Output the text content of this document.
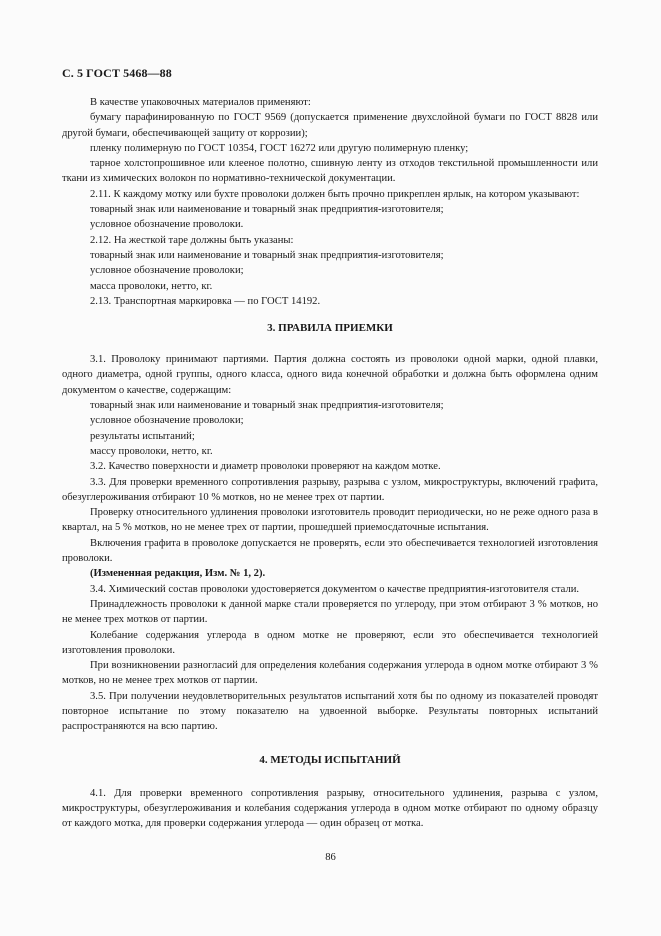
С. 5 ГОСТ 5468—88

В качестве упаковочных материалов применяют:

бумагу парафинированную по ГОСТ 9569 (допускается применение двухслойной бумаги по ГОСТ 8828 или другой бумаги, обеспечивающей защиту от коррозии);

пленку полимерную по ГОСТ 10354, ГОСТ 16272 или другую полимерную пленку;

тарное холстопрошивное или клееное полотно, сшивную ленту из отходов текстильной промышленности или ткани из химических волокон по нормативно-технической документации.

2.11. К каждому мотку или бухте проволоки должен быть прочно прикреплен ярлык, на котором указывают:

товарный знак или наименование и товарный знак предприятия-изготовителя;

условное обозначение проволоки.

2.12. На жесткой таре должны быть указаны:

товарный знак или наименование и товарный знак предприятия-изготовителя;

условное обозначение проволоки;

масса проволоки, нетто, кг.

2.13. Транспортная маркировка — по ГОСТ 14192.

3. ПРАВИЛА ПРИЕМКИ

3.1. Проволоку принимают партиями. Партия должна состоять из проволоки одной марки, одной плавки, одного диаметра, одной группы, одного класса, одного вида конечной обработки и должна быть оформлена одним документом о качестве, содержащим:

товарный знак или наименование и товарный знак предприятия-изготовителя;

условное обозначение проволоки;

результаты испытаний;

массу проволоки, нетто, кг.

3.2. Качество поверхности и диаметр проволоки проверяют на каждом мотке.

3.3. Для проверки временного сопротивления разрыву, разрыва с узлом, микроструктуры, включений графита, обезуглероживания отбирают 10 % мотков, но не менее трех от партии.

Проверку относительного удлинения проволоки изготовитель проводит периодически, но не реже одного раза в квартал, на 5 % мотков, но не менее трех от партии, прошедшей приемосдаточные испытания.

Включения графита в проволоке допускается не проверять, если это обеспечивается технологией изготовления проволоки.

(Измененная редакция, Изм. № 1, 2).

3.4. Химический состав проволоки удостоверяется документом о качестве предприятия-изготовителя стали.

Принадлежность проволоки к данной марке стали проверяется по углероду, при этом отбирают 3 % мотков, но не менее трех мотков от партии.

Колебание содержания углерода в одном мотке не проверяют, если это обеспечивается технологией изготовления проволоки.

При возникновении разногласий для определения колебания содержания углерода в одном мотке отбирают 3 % мотков, но не менее трех мотков от партии.

3.5. При получении неудовлетворительных результатов испытаний хотя бы по одному из показателей проводят повторное испытание по этому показателю на удвоенной выборке. Результаты повторных испытаний распространяются на всю партию.

4. МЕТОДЫ ИСПЫТАНИЙ

4.1. Для проверки временного сопротивления разрыву, относительного удлинения, разрыва с узлом, микроструктуры, обезуглероживания и колебания содержания углерода в одном мотке отбирают по одному образцу от каждого мотка, для проверки содержания углерода — один образец от мотка.

86
